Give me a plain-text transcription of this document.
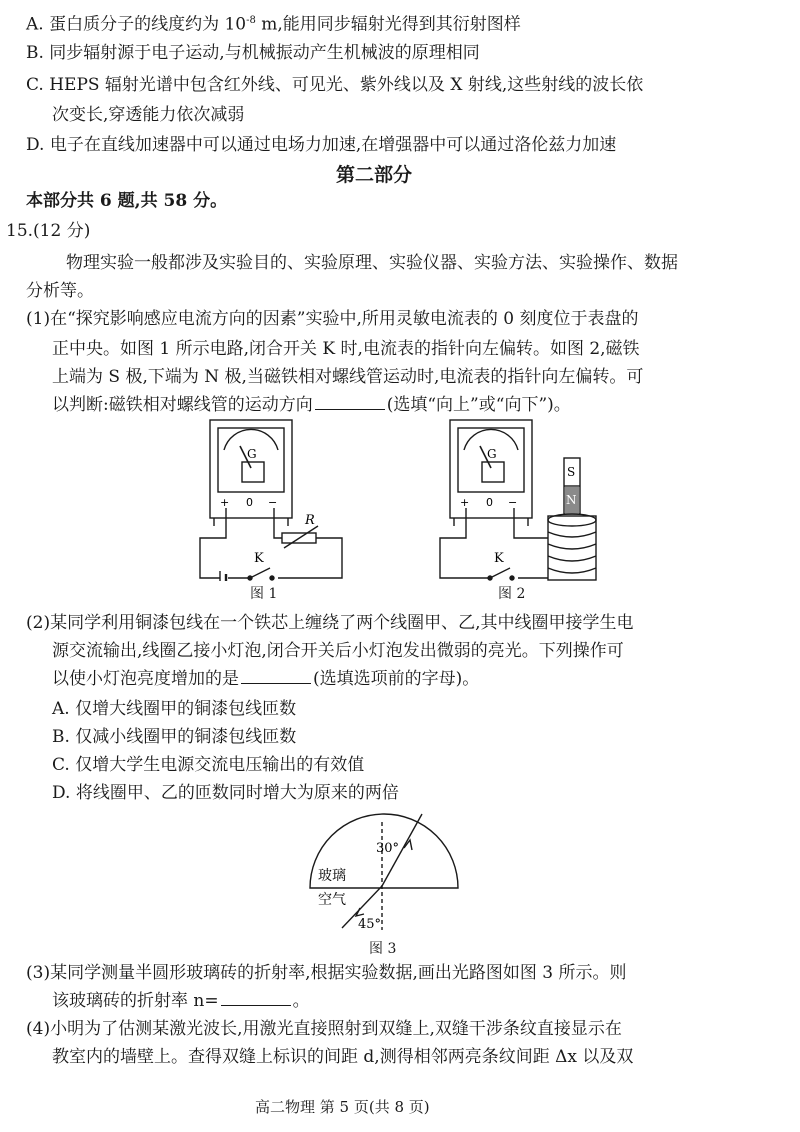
A. 蛋白质分子的线度约为 $10^{-8}$ m,能用同步辐射光得到其衍射图样
B. 同步辐射源于电子运动,与机械振动产生机械波的原理相同
C. HEPS 辐射光谱中包含红外线、可见光、紫外线以及 X 射线,这些射线的波长依
次变长,穿透能力依次减弱
D. 电子在直线加速器中可以通过电场力加速,在增强器中可以通过洛伦兹力加速
第二部分
本部分共 6 题,共 58 分。
15.(12 分)
物理实验一般都涉及实验目的、实验原理、实验仪器、实验方法、实验操作、数据
分析等。
(1)在“探究影响感应电流方向的因素”实验中,所用灵敏电流表的 0 刻度位于表盘的
正中央。如图 1 所示电路,闭合开关 K 时,电流表的指针向左偏转。如图 2,磁铁
上端为 S 极,下端为 N 极,当磁铁相对螺线管运动时,电流表的指针向左偏转。可
以判断:磁铁相对螺线管的运动方向	(选填“向上”或“向下”)。
G
+ 0 −
R
K
图 1
G
+ 0 −
S
N
K
图 2
(2)某同学利用铜漆包线在一个铁芯上缠绕了两个线圈甲、乙,其中线圈甲接学生电
源交流输出,线圈乙接小灯泡,闭合开关后小灯泡发出微弱的亮光。下列操作可
以使小灯泡亮度增加的是	(选填选项前的字母)。
A. 仅增大线圈甲的铜漆包线匝数
B. 仅减小线圈甲的铜漆包线匝数
C. 仅增大学生电源交流电压输出的有效值
D. 将线圈甲、乙的匝数同时增大为原来的两倍
30°
玻璃
空气
45°
图 3
(3)某同学测量半圆形玻璃砖的折射率,根据实验数据,画出光路图如图 3 所示。则
该玻璃砖的折射率 n=	。
(4)小明为了估测某激光波长,用激光直接照射到双缝上,双缝干涉条纹直接显示在
教室内的墙壁上。查得双缝上标识的间距 d,测得相邻两亮条纹间距 Δx 以及双
高二物理 第 5 页(共 8 页)
